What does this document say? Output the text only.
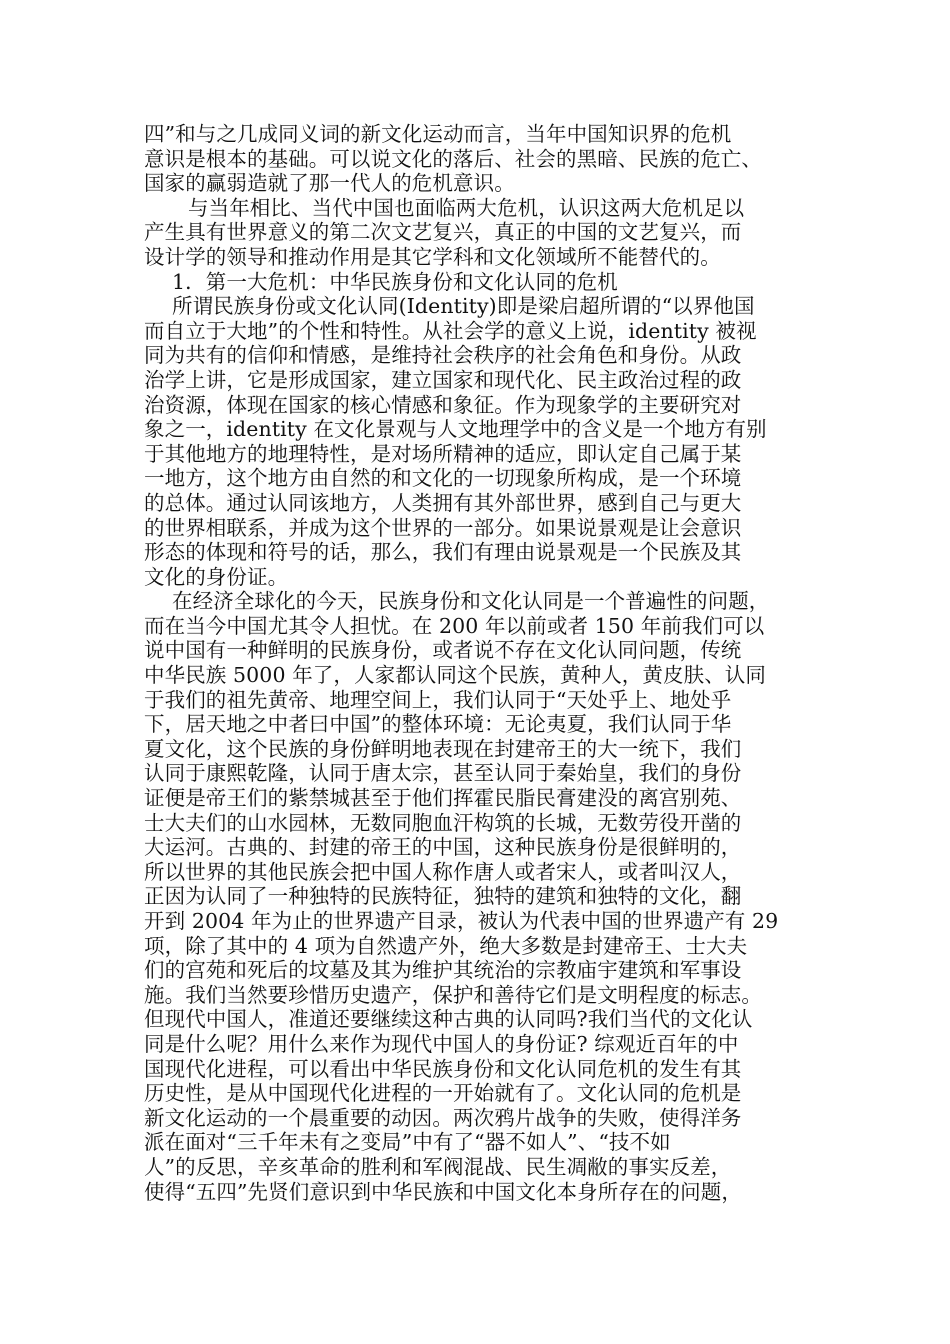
四”和与之几成同义词的新文化运动而言，当年中国知识界的危机
意识是根本的基础。可以说文化的落后、社会的黑暗、民族的危亡、
国家的赢弱造就了那一代人的危机意识。
与当年相比、当代中国也面临两大危机，认识这两大危机足以
产生具有世界意义的第二次文艺复兴，真正的中国的文艺复兴，而
设计学的领导和推动作用是其它学科和文化领域所不能替代的。
1．第一大危机：中华民族身份和文化认同的危机
所谓民族身份或文化认同(Identity)即是梁启超所谓的“以界他国
而自立于大地”的个性和特性。从社会学的意义上说，identity 被视
同为共有的信仰和情感，是维持社会秩序的社会角色和身份。从政
治学上讲，它是形成国家，建立国家和现代化、民主政治过程的政
治资源，体现在国家的核心情感和象征。作为现象学的主要研究对
象之一，identity 在文化景观与人文地理学中的含义是一个地方有别
于其他地方的地理特性，是对场所精神的适应，即认定自己属于某
一地方，这个地方由自然的和文化的一切现象所构成，是一个环境
的总体。通过认同该地方，人类拥有其外部世界，感到自己与更大
的世界相联系，并成为这个世界的一部分。如果说景观是让会意识
形态的体现和符号的话，那么，我们有理由说景观是一个民族及其
文化的身份证。
在经济全球化的今天，民族身份和文化认同是一个普遍性的问题，
而在当今中国尤其令人担忧。在 200 年以前或者 150 年前我们可以
说中国有一种鲜明的民族身份，或者说不存在文化认同问题，传统
中华民族 5000 年了，人家都认同这个民族，黄种人，黄皮肤、认同
于我们的祖先黄帝、地理空间上，我们认同于“天处乎上、地处乎
下，居天地之中者曰中国”的整体环境：无论夷夏，我们认同于华
夏文化，这个民族的身份鲜明地表现在封建帝王的大一统下，我们
认同于康熙乾隆，认同于唐太宗，甚至认同于秦始皇，我们的身份
证便是帝王们的紫禁城甚至于他们挥霍民脂民膏建没的离宫别苑、
士大夫们的山水园林，无数同胞血汗构筑的长城，无数劳役开凿的
大运河。古典的、封建的帝王的中国，这种民族身份是很鲜明的，
所以世界的其他民族会把中国人称作唐人或者宋人，或者叫汉人，
正因为认同了一种独特的民族特征，独特的建筑和独特的文化，翻
开到 2004 年为止的世界遗产目录，被认为代表中国的世界遗产有 29
项，除了其中的 4 项为自然遗产外，绝大多数是封建帝王、士大夫
们的宫苑和死后的坟墓及其为维护其统治的宗教庙宇建筑和军事设
施。我们当然要珍惜历史遗产，保护和善待它们是文明程度的标志。
但现代中国人，准道还要继续这种古典的认同吗?我们当代的文化认
同是什么呢？用什么来作为现代中国人的身份证? 综观近百年的中
国现代化进程，可以看出中华民族身份和文化认同危机的发生有其
历史性，是从中国现代化进程的一开始就有了。文化认同的危机是
新文化运动的一个晨重要的动因。两次鸦片战争的失败，使得洋务
派在面对“三千年未有之变局”中有了“器不如人”、“技不如
人”的反思，辛亥革命的胜利和军阀混战、民生凋敝的事实反差，
使得“五四”先贤们意识到中华民族和中国文化本身所存在的问题，
